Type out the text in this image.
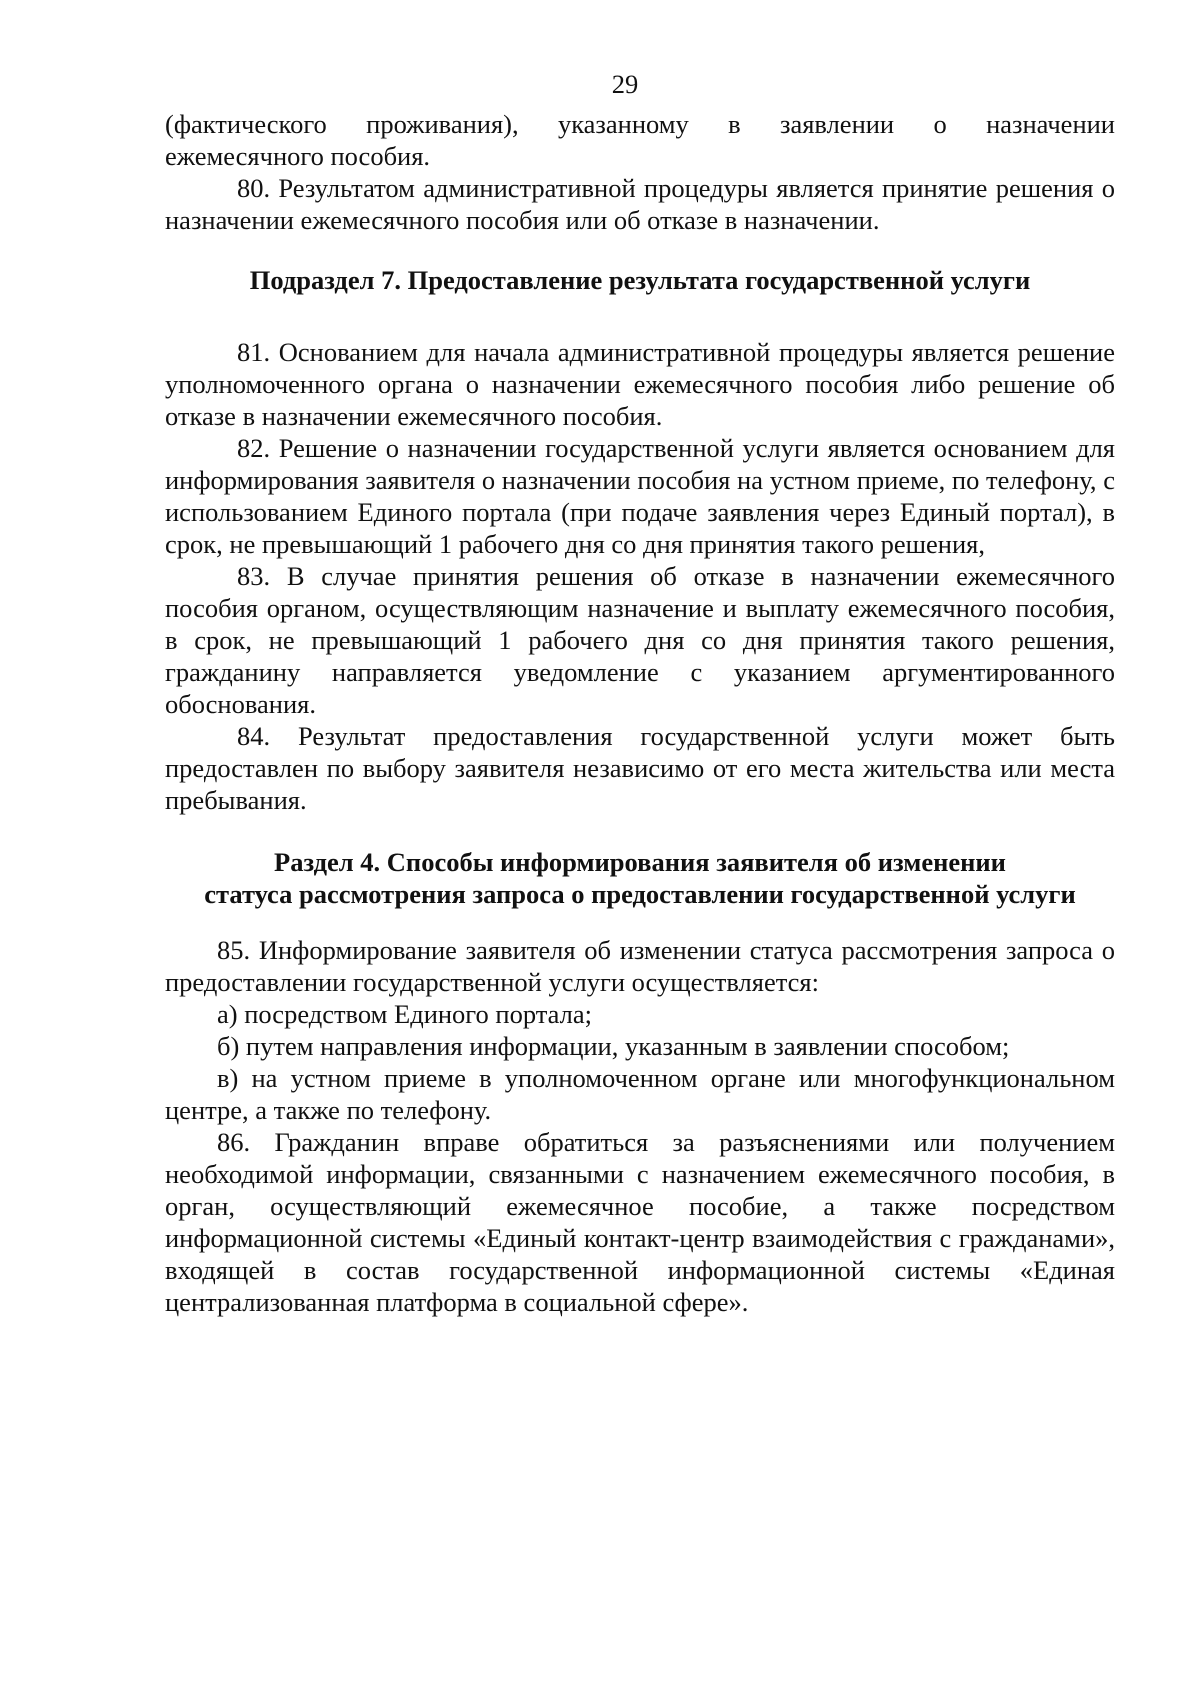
29

(фактического проживания), указанному в заявлении о назначении

ежемесячного пособия.

80. Результатом административной процедуры является принятие решения о назначении ежемесячного пособия или об отказе в назначении.

Подраздел 7. Предоставление результата государственной услуги

81. Основанием для начала административной процедуры является решение уполномоченного органа о назначении ежемесячного пособия либо решение об отказе в назначении ежемесячного пособия.

82. Решение о назначении государственной услуги является основанием для информирования заявителя о назначении пособия на устном приеме, по телефону, с использованием Единого портала (при подаче заявления через Единый портал), в срок, не превышающий 1 рабочего дня со дня принятия такого решения,

83. В случае принятия решения об отказе в назначении ежемесячного пособия органом, осуществляющим назначение и выплату ежемесячного пособия, в срок, не превышающий 1 рабочего дня со дня принятия такого решения, гражданину направляется уведомление с указанием аргументированного обоснования.

84. Результат предоставления государственной услуги может быть предоставлен по выбору заявителя независимо от его места жительства или места пребывания.

Раздел 4. Способы информирования заявителя об изменении
статуса рассмотрения запроса о предоставлении государственной услуги

85. Информирование заявителя об изменении статуса рассмотрения запроса о предоставлении государственной услуги осуществляется:

а) посредством Единого портала;

б) путем направления информации, указанным в заявлении способом;

в) на устном приеме в уполномоченном органе или многофункциональном центре, а также по телефону.

86. Гражданин вправе обратиться за разъяснениями или получением необходимой информации, связанными с назначением ежемесячного пособия, в орган, осуществляющий ежемесячное пособие, а также посредством информационной системы «Единый контакт-центр взаимодействия с гражданами», входящей в состав государственной информационной системы «Единая централизованная платформа в социальной сфере».
